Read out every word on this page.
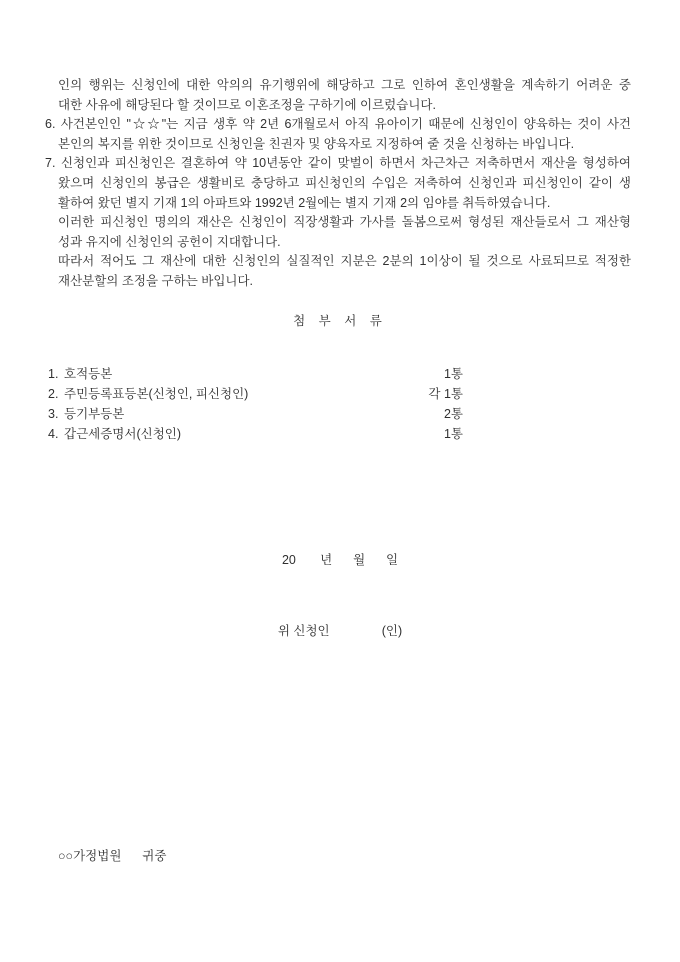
인의 행위는 신청인에 대한 악의의 유기행위에 해당하고 그로 인하여 혼인생활을 계속하기 어려운 중
대한 사유에 해당된다 할 것이므로 이혼조정을 구하기에 이르렀습니다.
6. 사건본인인 "☆☆"는 지금 생후 약 2년 6개월로서 아직 유아이기 때문에 신청인이 양육하는 것이 사건
본인의 복지를 위한 것이므로 신청인을 친권자 및 양육자로 지정하여 줄 것을 신청하는 바입니다.
7. 신청인과 피신청인은 결혼하여 약 10년동안 같이 맞벌이 하면서 차근차근 저축하면서 재산을 형성하여
왔으며 신청인의 봉급은 생활비로 충당하고 피신청인의 수입은 저축하여 신청인과 피신청인이 같이 생
활하여 왔던 별지 기재 1의 아파트와 1992년 2월에는 별지 기재 2의 임야를 취득하였습니다.
이러한 피신청인 명의의 재산은 신청인이 직장생활과 가사를 돌봄으로써 형성된 재산들로서 그 재산형
성과 유지에 신청인의 공헌이 지대합니다.
따라서 적어도 그 재산에 대한 신청인의 실질적인 지분은 2분의 1이상이 될 것으로 사료되므로 적정한
재산분할의 조정을 구하는 바입니다.
첨 부 서 류
1. 호적등본	1통
2. 주민등록표등본(신청인, 피신청인)	각 1통
3. 등기부등본	2통
4. 갑근세증명서(신청인)	1통
20       년      월      일
위 신청인               (인)
○○가정법원      귀중
